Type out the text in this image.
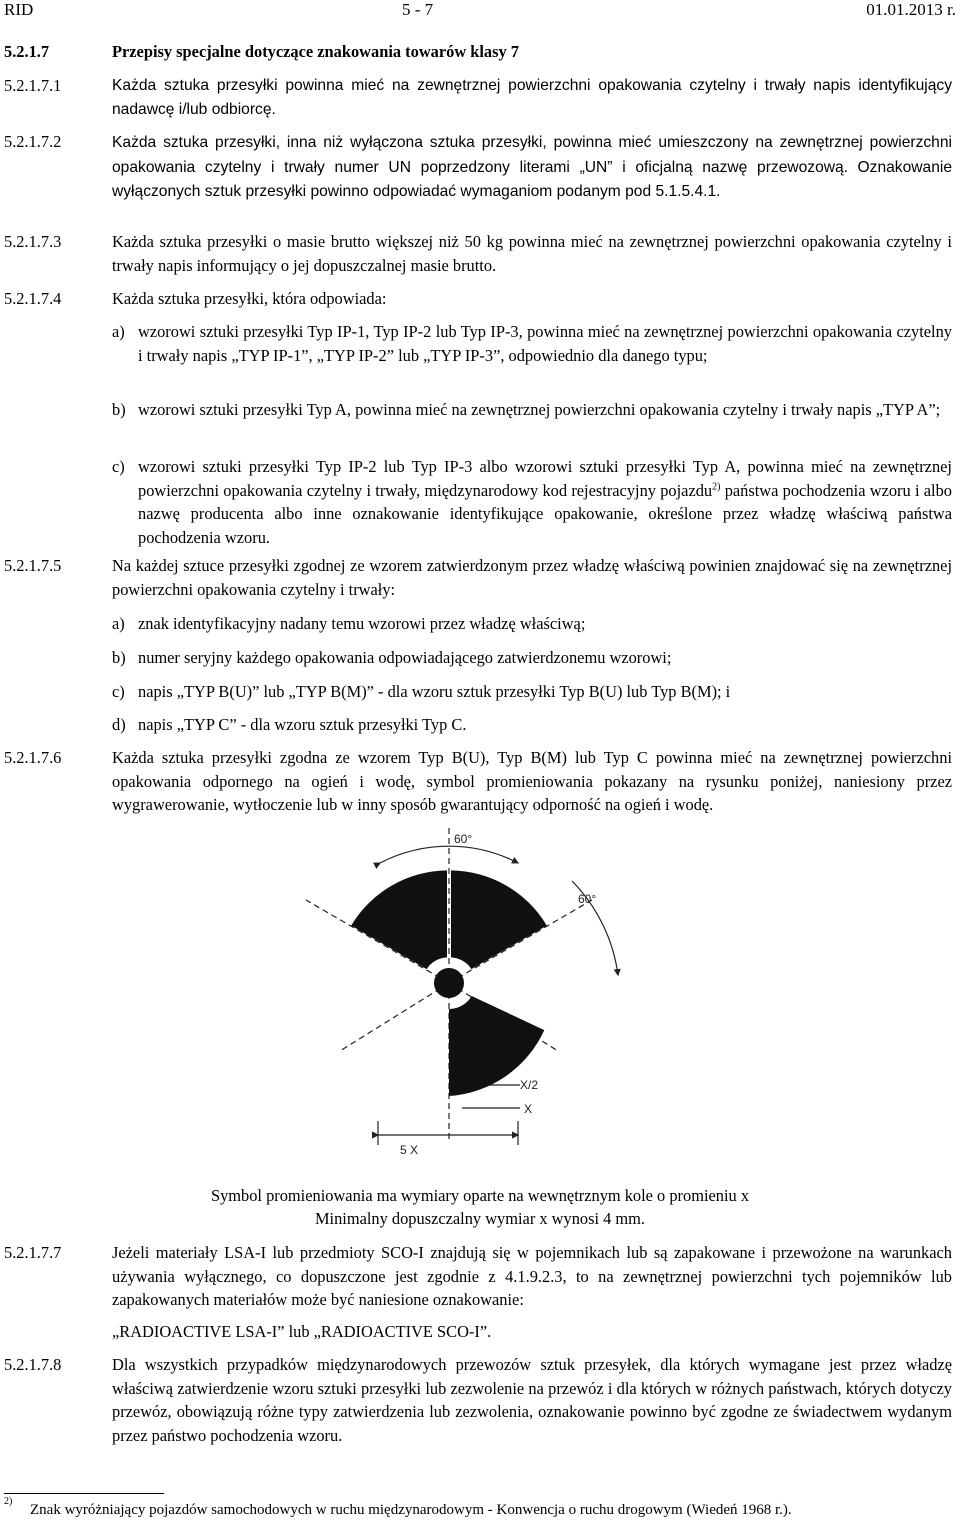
RID	5 - 7	01.01.2013 r.
5.2.1.7	Przepisy specjalne dotyczące znakowania towarów klasy 7
5.2.1.7.1	Każda sztuka przesyłki powinna mieć na zewnętrznej powierzchni opakowania czytelny i trwały napis identyfikujący nadawcę i/lub odbiorcę.
5.2.1.7.2	Każda sztuka przesyłki, inna niż wyłączona sztuka przesyłki, powinna mieć umieszczony na zewnętrznej powierzchni opakowania czytelny i trwały numer UN poprzedzony literami „UN” i oficjalną nazwę przewozową. Oznakowanie wyłączonych sztuk przesyłki powinno odpowiadać wymaganiom podanym pod 5.1.5.4.1.
5.2.1.7.3	Każda sztuka przesyłki o masie brutto większej niż 50 kg powinna mieć na zewnętrznej powierzchni opakowania czytelny i trwały napis informujący o jej dopuszczalnej masie brutto.
5.2.1.7.4	Każda sztuka przesyłki, która odpowiada:
a) wzorowi sztuki przesyłki Typ IP-1, Typ IP-2 lub Typ IP-3, powinna mieć na zewnętrznej powierzchni opakowania czytelny i trwały napis „TYP IP-1”, „TYP IP-2” lub „TYP IP-3”, odpowiednio dla danego typu;
b) wzorowi sztuki przesyłki Typ A, powinna mieć na zewnętrznej powierzchni opakowania czytelny i trwały napis „TYP A”;
c) wzorowi sztuki przesyłki Typ IP-2 lub Typ IP-3 albo wzorowi sztuki przesyłki Typ A, powinna mieć na zewnętrznej powierzchni opakowania czytelny i trwały, międzynarodowy kod rejestracyjny pojazdu$^{2)}$ państwa pochodzenia wzoru i albo nazwę producenta albo inne oznakowanie identyfikujące opakowanie, określone przez władzę właściwą państwa pochodzenia wzoru.
5.2.1.7.5	Na każdej sztuce przesyłki zgodnej ze wzorem zatwierdzonym przez władzę właściwą powinien znajdować się na zewnętrznej powierzchni opakowania czytelny i trwały:
a) znak identyfikacyjny nadany temu wzorowi przez władzę właściwą;
b) numer seryjny każdego opakowania odpowiadającego zatwierdzonemu wzorowi;
c) napis „TYP B(U)” lub „TYP B(M)” - dla wzoru sztuk przesyłki Typ B(U) lub Typ B(M); i
d) napis „TYP C” - dla wzoru sztuk przesyłki Typ C.
5.2.1.7.6	Każda sztuka przesyłki zgodna ze wzorem Typ B(U), Typ B(M) lub Typ C powinna mieć na zewnętrznej powierzchni opakowania odpornego na ogień i wodę, symbol promieniowania pokazany na rysunku poniżej, naniesiony przez wygrawerowanie, wytłoczenie lub w inny sposób gwarantujący odporność na ogień i wodę.
60°
60°
X/2
X
5 X
Symbol promieniowania ma wymiary oparte na wewnętrznym kole o promieniu x
Minimalny dopuszczalny wymiar x wynosi 4 mm.
5.2.1.7.7	Jeżeli materiały LSA-I lub przedmioty SCO-I znajdują się w pojemnikach lub są zapakowane i przewożone na warunkach używania wyłącznego, co dopuszczone jest zgodnie z 4.1.9.2.3, to na zewnętrznej powierzchni tych pojemników lub zapakowanych materiałów może być naniesione oznakowanie:
„RADIOACTIVE LSA-I” lub „RADIOACTIVE SCO-I”.
5.2.1.7.8	Dla wszystkich przypadków międzynarodowych przewozów sztuk przesyłek, dla których wymagane jest przez władzę właściwą zatwierdzenie wzoru sztuki przesyłki lub zezwolenie na przewóz i dla których w różnych państwach, których dotyczy przewóz, obowiązują różne typy zatwierdzenia lub zezwolenia, oznakowanie powinno być zgodne ze świadectwem wydanym przez państwo pochodzenia wzoru.
2)
Znak wyróżniający pojazdów samochodowych w ruchu międzynarodowym - Konwencja o ruchu drogowym (Wiedeń 1968 r.).
